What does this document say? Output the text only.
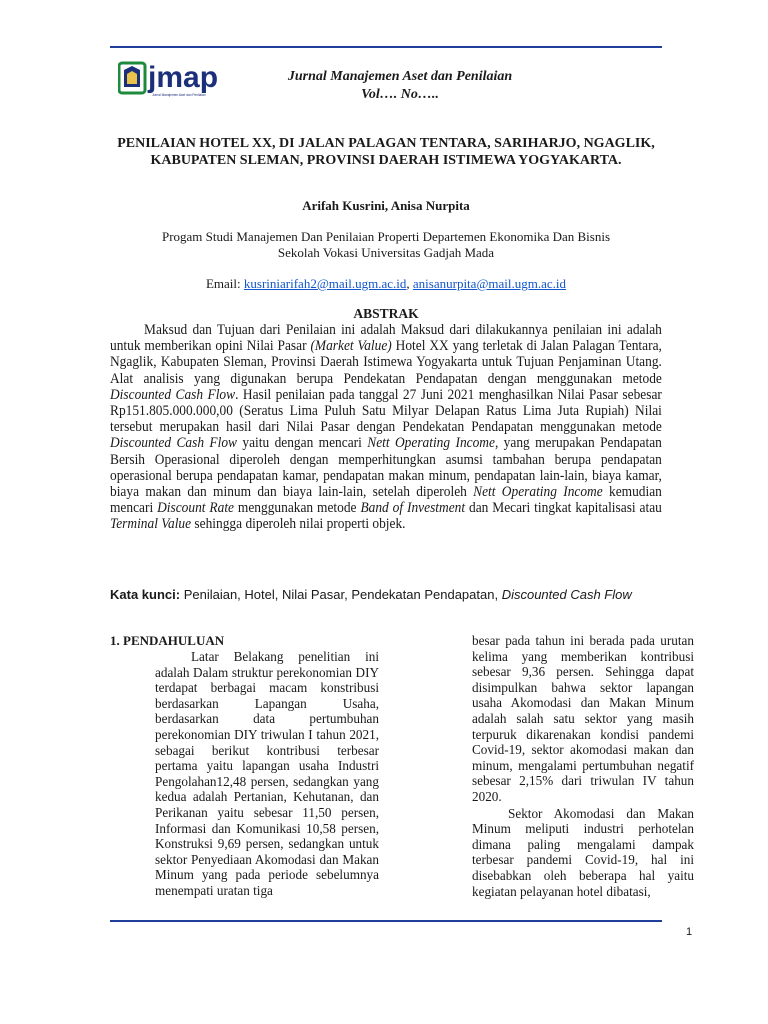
jmap
Jurnal Manajemen Aset dan Penilaian
Jurnal Manajemen Aset dan Penilaian
Vol…. No…..
PENILAIAN HOTEL XX, DI JALAN PALAGAN TENTARA, SARIHARJO, NGAGLIK, KABUPATEN SLEMAN, PROVINSI DAERAH ISTIMEWA YOGYAKARTA.
Arifah Kusrini, Anisa Nurpita
Progam Studi Manajemen Dan Penilaian Properti Departemen Ekonomika Dan Bisnis
Sekolah Vokasi Universitas Gadjah Mada
Email: kusriniarifah2@mail.ugm.ac.id, anisanurpita@mail.ugm.ac.id
ABSTRAK

Maksud dan Tujuan dari Penilaian ini adalah Maksud dari dilakukannya penilaian ini adalah untuk memberikan opini Nilai Pasar (Market Value) Hotel XX yang terletak di Jalan Palagan Tentara, Ngaglik, Kabupaten Sleman, Provinsi Daerah Istimewa Yogyakarta untuk Tujuan Penjaminan Utang. Alat analisis yang digunakan berupa Pendekatan Pendapatan dengan menggunakan metode Discounted Cash Flow. Hasil penilaian pada tanggal 27 Juni 2021 menghasilkan Nilai Pasar sebesar Rp151.805.000.000,00 (Seratus Lima Puluh Satu Milyar Delapan Ratus Lima Juta Rupiah) Nilai tersebut merupakan hasil dari Nilai Pasar dengan Pendekatan Pendapatan menggunakan metode Discounted Cash Flow yaitu dengan mencari Nett Operating Income, yang merupakan Pendapatan Bersih Operasional diperoleh dengan memperhitungkan asumsi tambahan berupa pendapatan operasional berupa pendapatan kamar, pendapatan makan minum, pendapatan lain-lain, biaya kamar, biaya makan dan minum dan biaya lain-lain, setelah diperoleh Nett Operating Income kemudian mencari Discount Rate menggunakan metode Band of Investment dan Mecari tingkat kapitalisasi atau Terminal Value sehingga diperoleh nilai properti objek.

Kata kunci: Penilaian, Hotel, Nilai Pasar, Pendekatan Pendapatan, Discounted Cash Flow
1. PENDAHULUAN

Latar Belakang penelitian ini adalah Dalam struktur perekonomian DIY terdapat berbagai macam konstribusi berdasarkan Lapangan Usaha, berdasarkan data pertumbuhan perekonomian DIY triwulan I tahun 2021, sebagai berikut kontribusi terbesar pertama yaitu lapangan usaha Industri Pengolahan12,48 persen, sedangkan yang kedua adalah Pertanian, Kehutanan, dan Perikanan yaitu sebesar 11,50 persen, Informasi dan Komunikasi 10,58 persen, Konstruksi 9,69 persen, sedangkan untuk sektor Penyediaan Akomodasi dan Makan Minum yang pada periode sebelumnya menempati uratan tiga

besar pada tahun ini berada pada urutan kelima yang memberikan kontribusi sebesar 9,36 persen. Sehingga dapat disimpulkan bahwa sektor lapangan usaha Akomodasi dan Makan Minum adalah salah satu sektor yang masih terpuruk dikarenakan kondisi pandemi Covid-19, sektor akomodasi makan dan minum, mengalami pertumbuhan negatif sebesar 2,15% dari triwulan IV tahun 2020.

Sektor Akomodasi dan Makan Minum meliputi industri perhotelan dimana paling mengalami dampak terbesar pandemi Covid-19, hal ini disebabkan oleh beberapa hal yaitu kegiatan pelayanan hotel dibatasi,

1
